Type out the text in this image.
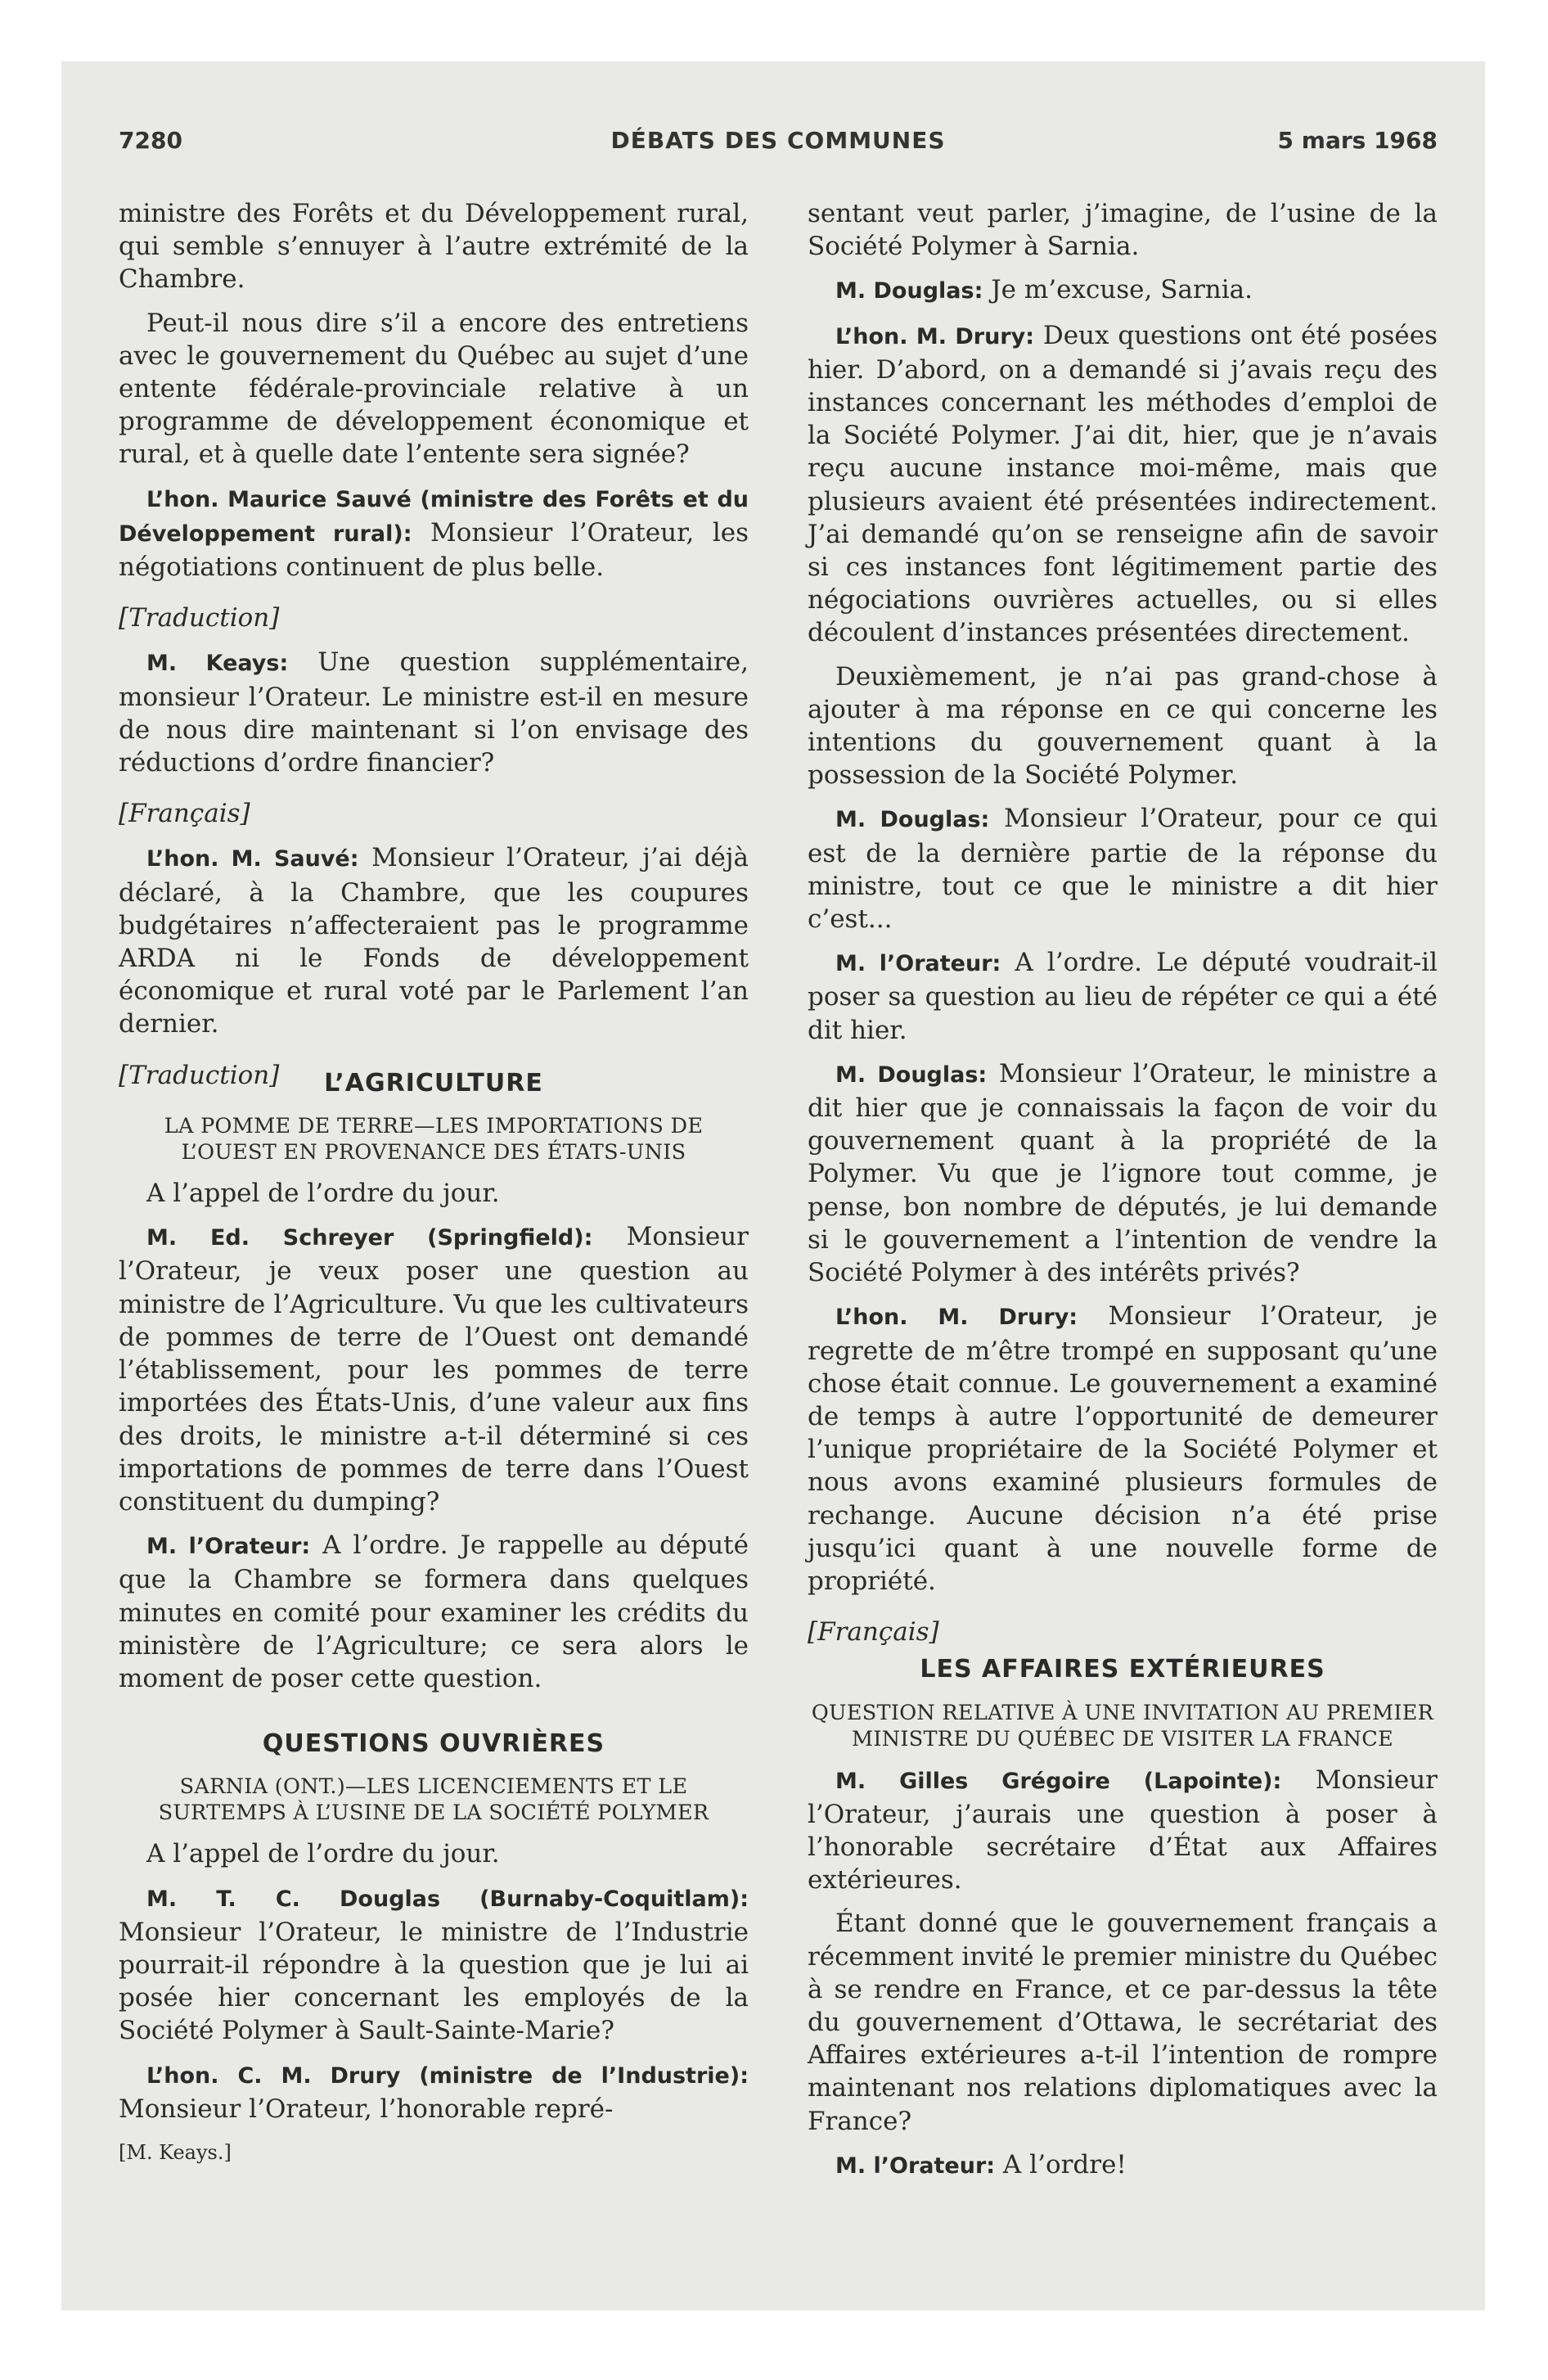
7280	DÉBATS DES COMMUNES	5 mars 1968

ministre des Forêts et du Développement rural, qui semble s’ennuyer à l’autre extrémité de la Chambre.

Peut-il nous dire s’il a encore des entretiens avec le gouvernement du Québec au sujet d’une entente fédérale-provinciale relative à un programme de développement économique et rural, et à quelle date l’entente sera signée?

L’hon. Maurice Sauvé (ministre des Forêts et du Développement rural): Monsieur l’Orateur, les négotiations continuent de plus belle.

[Traduction]

M. Keays: Une question supplémentaire, monsieur l’Orateur. Le ministre est-il en mesure de nous dire maintenant si l’on envisage des réductions d’ordre financier?

[Français]

L’hon. M. Sauvé: Monsieur l’Orateur, j’ai déjà déclaré, à la Chambre, que les coupures budgétaires n’affecteraient pas le programme ARDA ni le Fonds de développement économique et rural voté par le Parlement l’an dernier.

[Traduction]	L’AGRICULTURE
LA POMME DE TERRE—LES IMPORTATIONS DE L’OUEST EN PROVENANCE DES ÉTATS-UNIS

A l’appel de l’ordre du jour.

M. Ed. Schreyer (Springfield): Monsieur l’Orateur, je veux poser une question au ministre de l’Agriculture. Vu que les cultivateurs de pommes de terre de l’Ouest ont demandé l’établissement, pour les pommes de terre importées des États-Unis, d’une valeur aux fins des droits, le ministre a-t-il déterminé si ces importations de pommes de terre dans l’Ouest constituent du dumping?

M. l’Orateur: A l’ordre. Je rappelle au député que la Chambre se formera dans quelques minutes en comité pour examiner les crédits du ministère de l’Agriculture; ce sera alors le moment de poser cette question.

QUESTIONS OUVRIÈRES
SARNIA (ONT.)—LES LICENCIEMENTS ET LE SURTEMPS À L’USINE DE LA SOCIÉTÉ POLYMER

A l’appel de l’ordre du jour.

M. T. C. Douglas (Burnaby-Coquitlam): Monsieur l’Orateur, le ministre de l’Industrie pourrait-il répondre à la question que je lui ai posée hier concernant les employés de la Société Polymer à Sault-Sainte-Marie?

L’hon. C. M. Drury (ministre de l’Industrie): Monsieur l’Orateur, l’honorable repré-

[M. Keays.]

sentant veut parler, j’imagine, de l’usine de la Société Polymer à Sarnia.

M. Douglas: Je m’excuse, Sarnia.

L’hon. M. Drury: Deux questions ont été posées hier. D’abord, on a demandé si j’avais reçu des instances concernant les méthodes d’emploi de la Société Polymer. J’ai dit, hier, que je n’avais reçu aucune instance moi-même, mais que plusieurs avaient été présentées indirectement. J’ai demandé qu’on se renseigne afin de savoir si ces instances font légitimement partie des négociations ouvrières actuelles, ou si elles découlent d’instances présentées directement.

Deuxièmement, je n’ai pas grand-chose à ajouter à ma réponse en ce qui concerne les intentions du gouvernement quant à la possession de la Société Polymer.

M. Douglas: Monsieur l’Orateur, pour ce qui est de la dernière partie de la réponse du ministre, tout ce que le ministre a dit hier c’est...

M. l’Orateur: A l’ordre. Le député voudrait-il poser sa question au lieu de répéter ce qui a été dit hier.

M. Douglas: Monsieur l’Orateur, le ministre a dit hier que je connaissais la façon de voir du gouvernement quant à la propriété de la Polymer. Vu que je l’ignore tout comme, je pense, bon nombre de députés, je lui demande si le gouvernement a l’intention de vendre la Société Polymer à des intérêts privés?

L’hon. M. Drury: Monsieur l’Orateur, je regrette de m’être trompé en supposant qu’une chose était connue. Le gouvernement a examiné de temps à autre l’opportunité de demeurer l’unique propriétaire de la Société Polymer et nous avons examiné plusieurs formules de rechange. Aucune décision n’a été prise jusqu’ici quant à une nouvelle forme de propriété.

[Français]

LES AFFAIRES EXTÉRIEURES
QUESTION RELATIVE À UNE INVITATION AU PREMIER MINISTRE DU QUÉBEC DE VISITER LA FRANCE

M. Gilles Grégoire (Lapointe): Monsieur l’Orateur, j’aurais une question à poser à l’honorable secrétaire d’État aux Affaires extérieures.

Étant donné que le gouvernement français a récemment invité le premier ministre du Québec à se rendre en France, et ce par-dessus la tête du gouvernement d’Ottawa, le secrétariat des Affaires extérieures a-t-il l’intention de rompre maintenant nos relations diplomatiques avec la France?

M. l’Orateur: A l’ordre!
